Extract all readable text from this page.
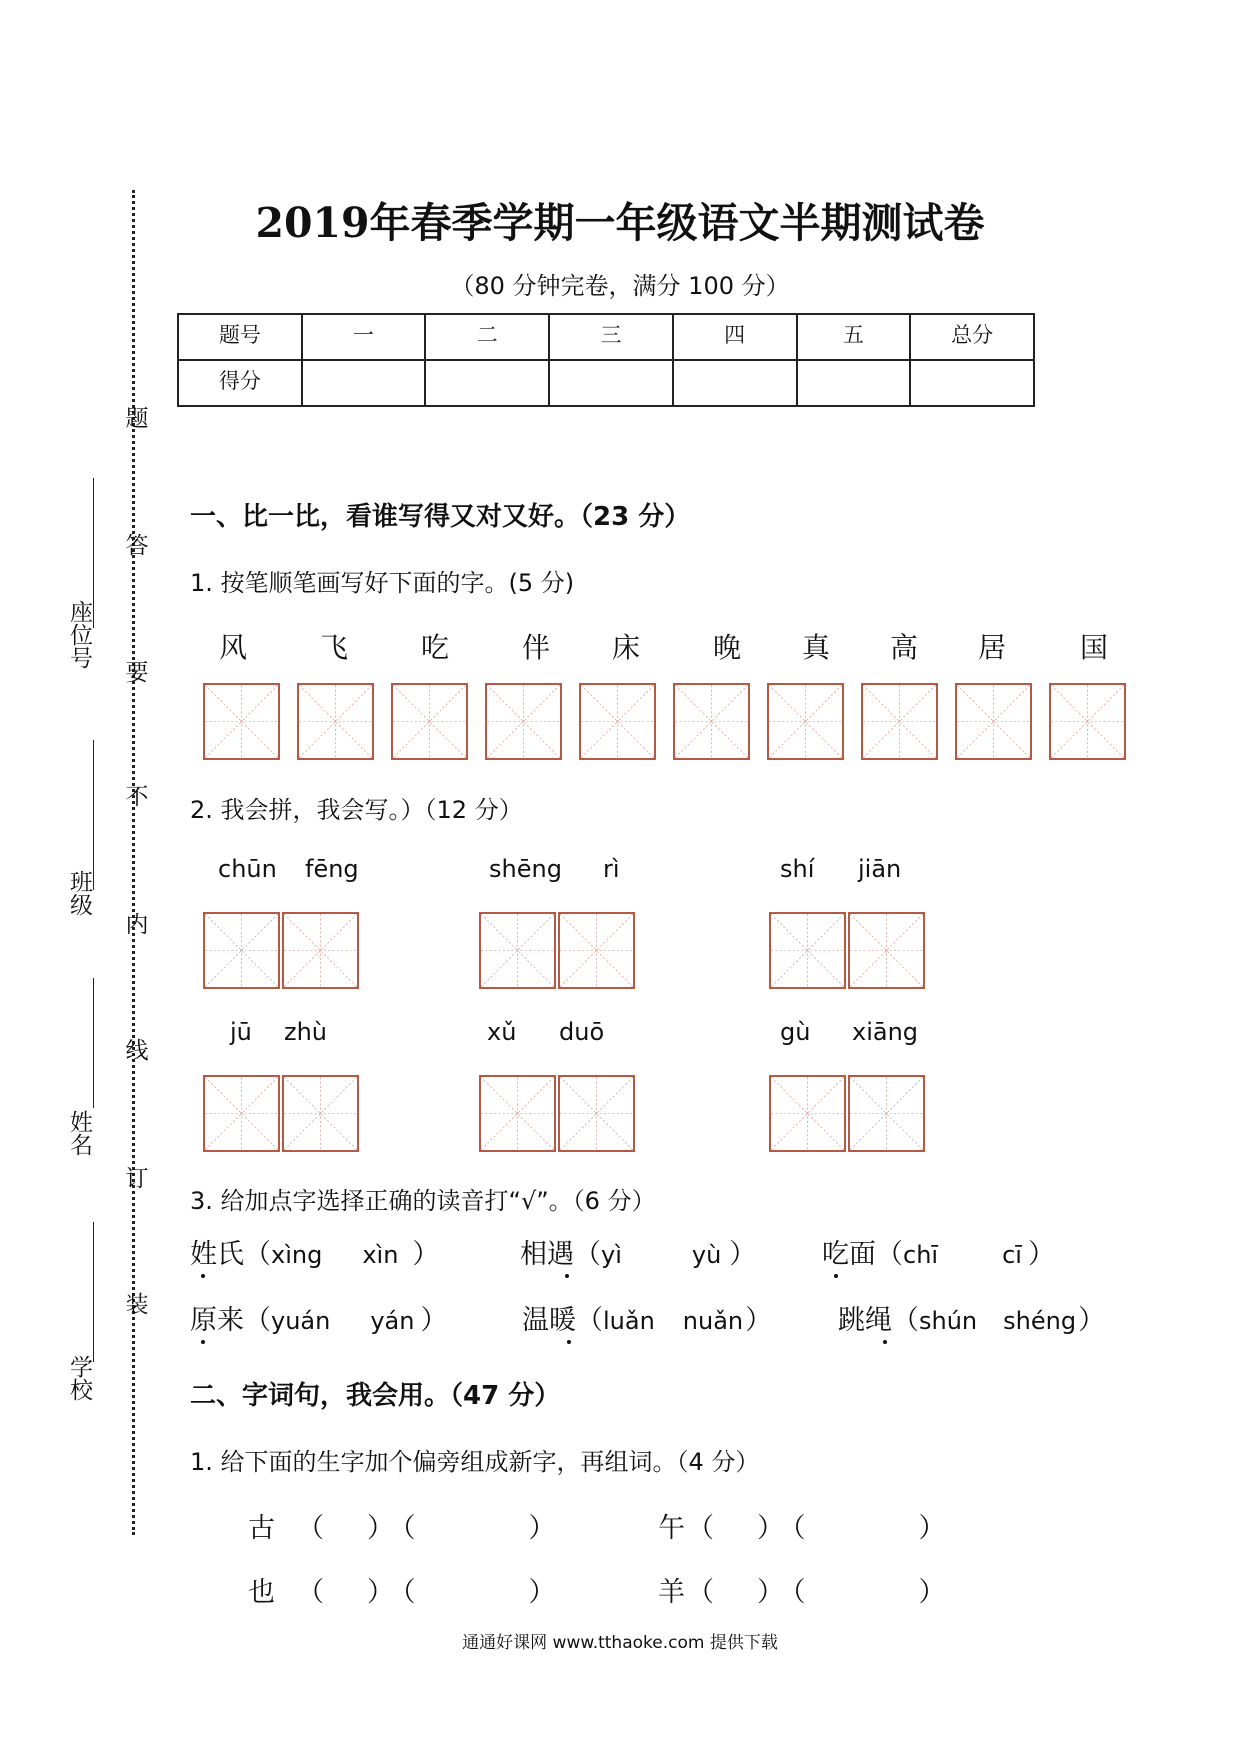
座位号
班级
姓名
学校
题
答
要
不
内
线
订
装
2019年春季学期一年级语文半期测试卷
（80 分钟完卷，满分 100 分）
题号	一	二	三	四	五	总分
得分						
一、比一比，看谁写得又对又好。（23 分）
1. 按笔顺笔画写好下面的字。(5 分)
风	飞	吃	伴	床	晚	真	高	居	国
2. 我会拼，我会写。）（12 分）
chūn fēng	shēng rì	shí jiān
jū zhù	xǔ duō	gù xiāng
3. 给加点字选择正确的读音打“√”。（6 分）
姓氏（xìng xìn ）	相遇（yì	yù ） 吃面（chī	cī ）
原来（yuán yán ）	温暖（luǎn nuǎn） 跳绳（shún shéng）
二、字词句，我会用。（47 分）
1. 给下面的生字加个偏旁组成新字，再组词。（4 分）
古 （　）（　　　）	午（　）（　　　）
也 （　）（　　　）	羊（　）（　　　）
通通好课网 www.tthaoke.com 提供下载
